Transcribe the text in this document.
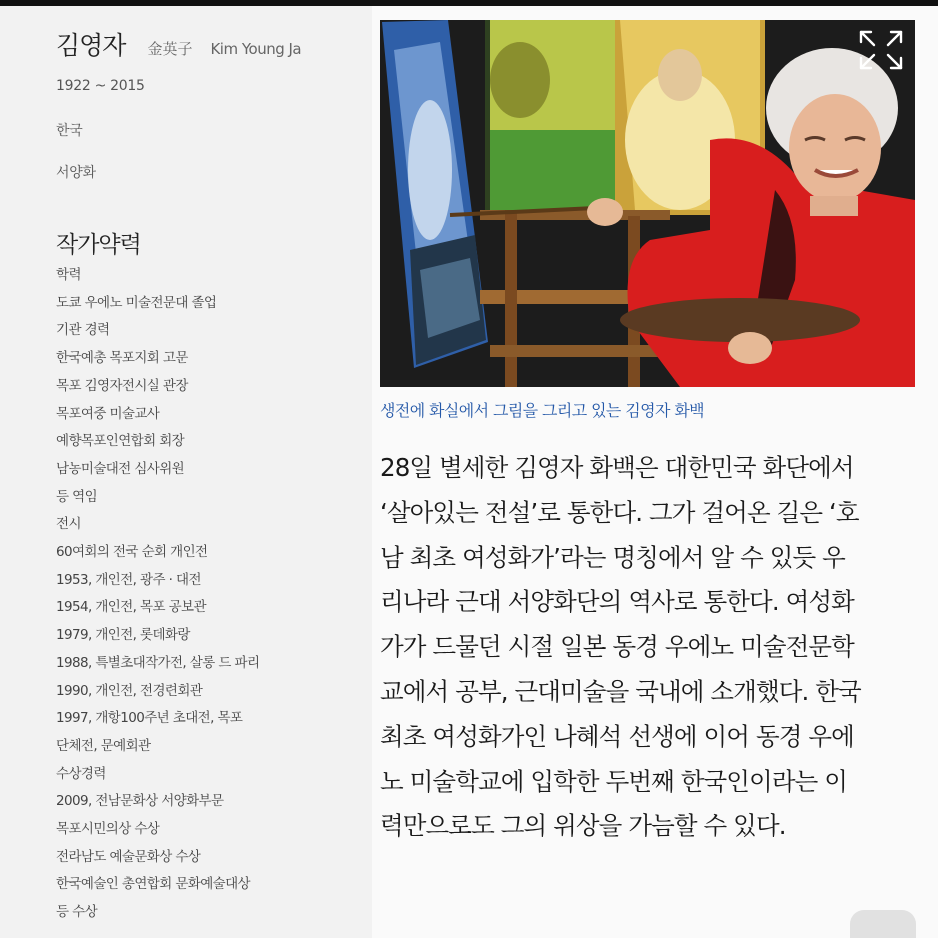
김영자 金英子 Kim Young Ja
1922 ~ 2015
한국
서양화
작가약력
학력
도쿄 우에노 미술전문대 졸업
기관 경력
한국예총 목포지회 고문
목포 김영자전시실 관장
목포여중 미술교사
예향목포인연합회 회장
남농미술대전 심사위원
등 역임
전시
60여회의 전국 순회 개인전
1953, 개인전, 광주 · 대전
1954, 개인전, 목포 공보관
1979, 개인전, 롯데화랑
1988, 특별초대작가전, 살롱 드 파리
1990, 개인전, 전경련회관
1997, 개항100주년 초대전, 목포
단체전, 문예회관
수상경력
2009, 전남문화상 서양화부문
목포시민의상 수상
전라남도 예술문화상 수상
한국예술인 총연합회 문화예술대상
등 수상
생전에 화실에서 그림을 그리고 있는 김영자 화백

28일 별세한 김영자 화백은 대한민국 화단에서
‘살아있는 전설’로 통한다. 그가 걸어온 길은 ‘호
남 최초 여성화가’라는 명칭에서 알 수 있듯 우
리나라 근대 서양화단의 역사로 통한다. 여성화
가가 드물던 시절 일본 동경 우에노 미술전문학
교에서 공부, 근대미술을 국내에 소개했다. 한국
최초 여성화가인 나혜석 선생에 이어 동경 우에
노 미술학교에 입학한 두번째 한국인이라는 이
력만으로도 그의 위상을 가늠할 수 있다.
